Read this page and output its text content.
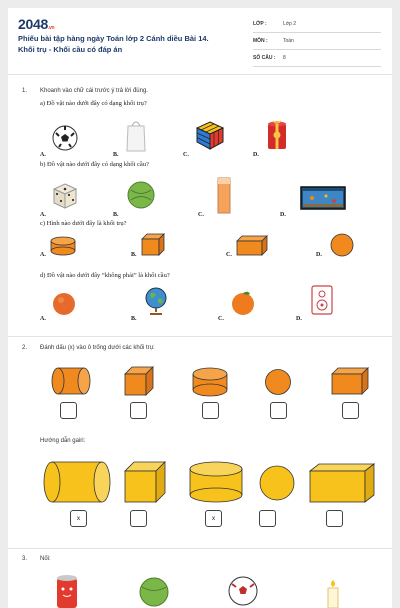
2048.vn
Phiếu bài tập hàng ngày Toán lớp 2 Cánh diều Bài 14. Khối trụ - Khối cầu có đáp án
LỚP :	Lớp 2
MÔN :	Toán
SỐ CÂU :	8
1. Khoanh vào chữ cái trước ý trả lời đúng.
a) Đồ vật nào dưới đây có dạng khối trụ?
A.	B.	C.	D.
b) Đồ vật nào dưới đây có dạng khối cầu?
A.	B.	C.	D.
c) Hình nào dưới đây là khối trụ?
A.	B.	C.	D.
d) Đồ vật nào dưới đây “không phải” là khối cầu?
A.	B.	C.	D.
2. Đánh dấu (x) vào ô trống dưới các khối trụ:
Hướng dẫn gairi:
x	x
3. Nối:
